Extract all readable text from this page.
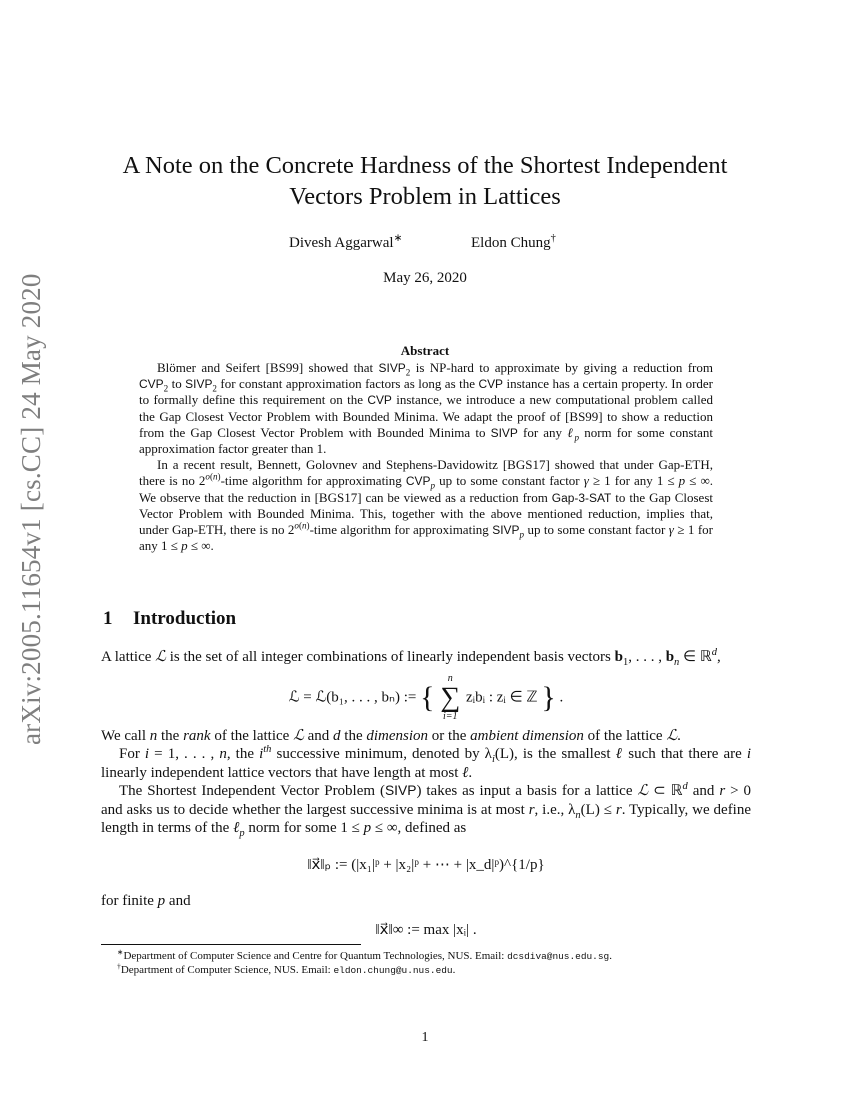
arXiv:2005.11654v1 [cs.CC] 24 May 2020
A Note on the Concrete Hardness of the Shortest Independent Vectors Problem in Lattices
Divesh Aggarwal∗	Eldon Chung†
May 26, 2020
Abstract

Blömer and Seifert [BS99] showed that $SIVP_2$ is NP-hard to approximate by giving a reduction from $CVP_2$ to $SIVP_2$ for constant approximation factors as long as the CVP instance has a certain property. In order to formally define this requirement on the CVP instance, we introduce a new computational problem called the Gap Closest Vector Problem with Bounded Minima. We adapt the proof of [BS99] to show a reduction from the Gap Closest Vector Problem with Bounded Minima to SIVP for any ℓ$_p$ norm for some constant approximation factor greater than 1.

In a recent result, Bennett, Golovnev and Stephens-Davidowitz [BGS17] showed that under Gap-ETH, there is no $2^{o(n)}$-time algorithm for approximating $CVP_p$ up to some constant factor γ ≥ 1 for any 1 ≤ p ≤ ∞. We observe that the reduction in [BGS17] can be viewed as a reduction from Gap-3-SAT to the Gap Closest Vector Problem with Bounded Minima. This, together with the above mentioned reduction, implies that, under Gap-ETH, there is no $2^{o(n)}$-time algorithm for approximating $SIVP_p$ up to some constant factor γ ≥ 1 for any 1 ≤ p ≤ ∞.

1 Introduction

A lattice ℒ is the set of all integer combinations of linearly independent basis vectors $b_1$, . . . , $b_n$ ∈ ℝ$^d$,

ℒ = ℒ(b₁, . . . , bₙ) := {
n
∑
i=1
zᵢbᵢ : zᵢ ∈ ℤ } .

We call n the rank of the lattice ℒ and d the dimension or the ambient dimension of the lattice ℒ.

For i = 1, . . . , n, the $i^{th}$ successive minimum, denoted by $\lambda_i(L)$, is the smallest ℓ such that there are i linearly independent lattice vectors that have length at most ℓ.

The Shortest Independent Vector Problem (SIVP) takes as input a basis for a lattice ℒ ⊂ ℝ$^d$ and r > 0 and asks us to decide whether the largest successive minima is at most r, i.e., $\lambda_n(L) \le r$. Typically, we define length in terms of the ℓ$_p$ norm for some 1 ≤ p ≤ ∞, defined as

‖x⃗‖ₚ := (|x₁|ᵖ + |x₂|ᵖ + ⋯ + |x_d|ᵖ)^{1/p}

for finite p and

‖x⃗‖∞ := max |xᵢ| .
∗Department of Computer Science and Centre for Quantum Technologies, NUS. Email: dcsdiva@nus.edu.sg.
†Department of Computer Science, NUS. Email: eldon.chung@u.nus.edu.
1
